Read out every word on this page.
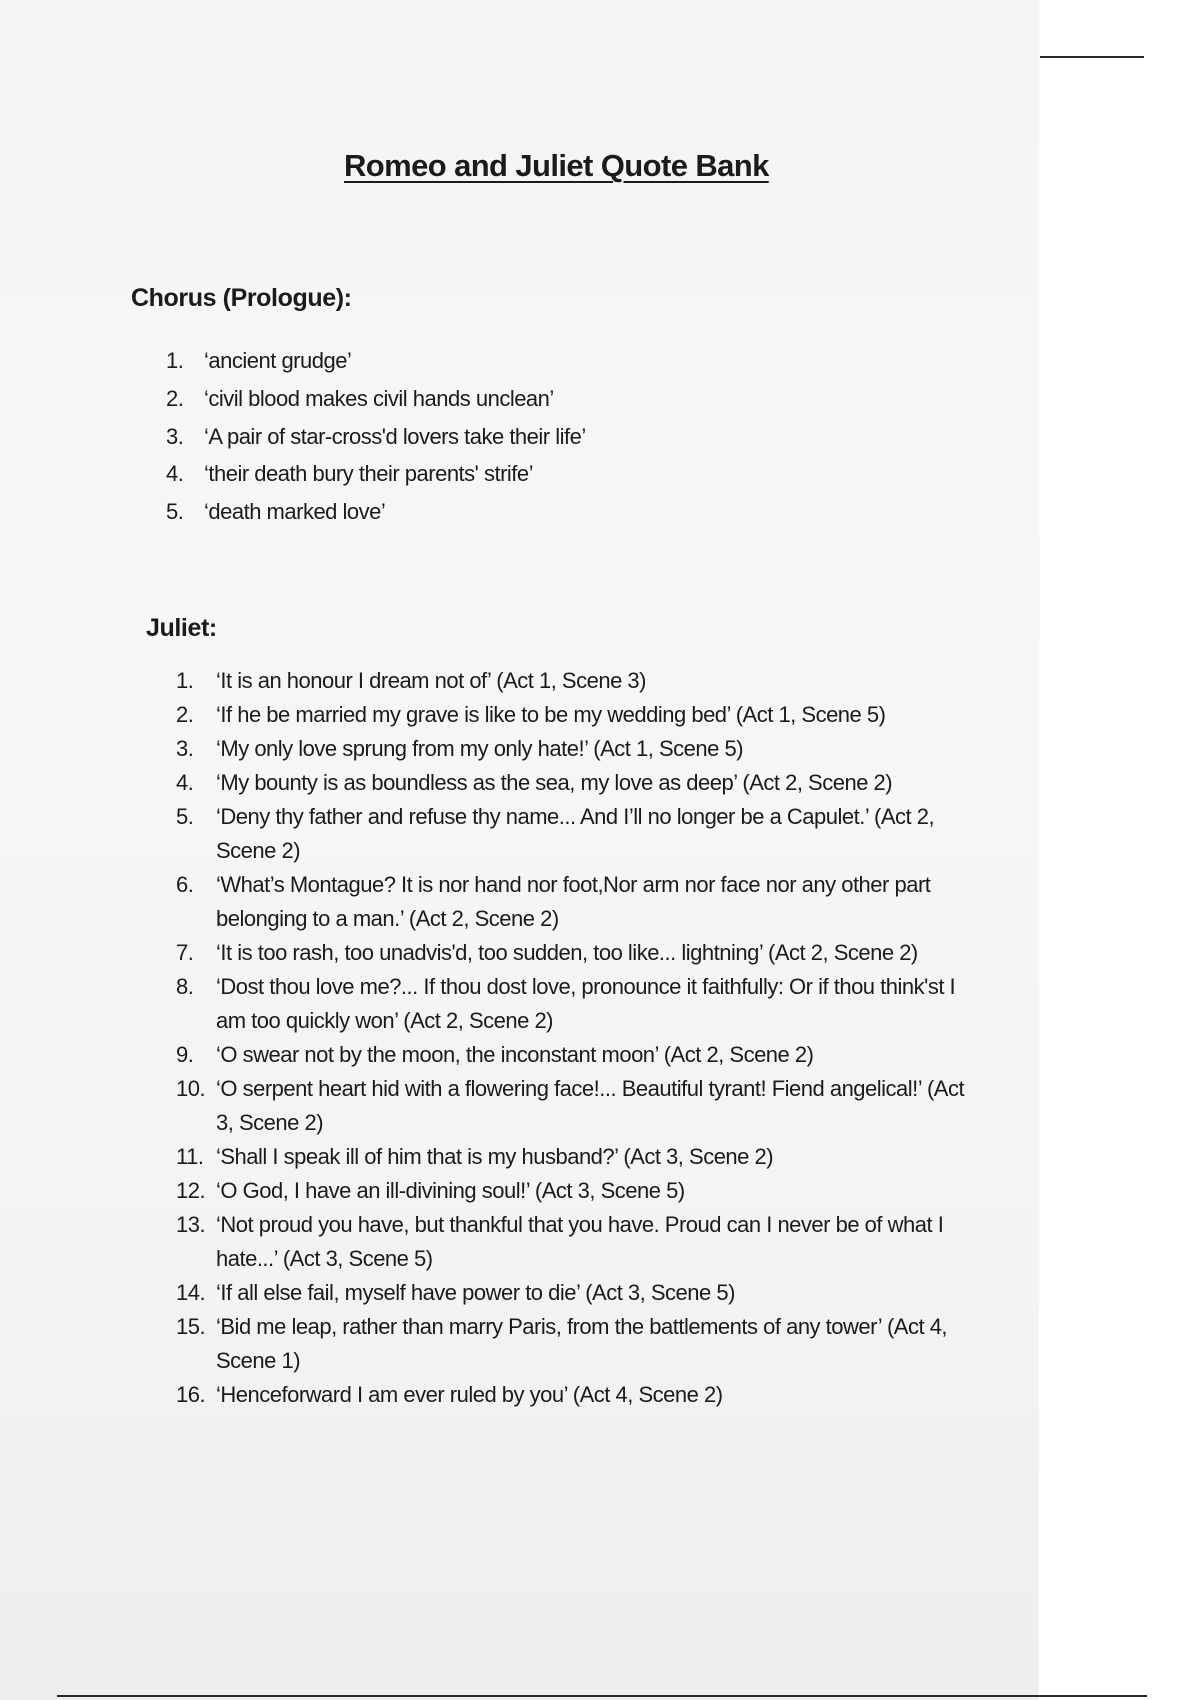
Romeo and Juliet Quote Bank
Chorus (Prologue):
1. ‘ancient grudge’
2. ‘civil blood makes civil hands unclean’
3. ‘A pair of star-cross'd lovers take their life’
4. ‘their death bury their parents' strife’
5. ‘death marked love’
Juliet:
1.	‘It is an honour I dream not of’ (Act 1, Scene 3)
2.	‘If he be married my grave is like to be my wedding bed’ (Act 1, Scene 5)
3.	‘My only love sprung from my only hate!’ (Act 1, Scene 5)
4.	‘My bounty is as boundless as the sea, my love as deep’ (Act 2, Scene 2)
5.	‘Deny thy father and refuse thy name... And I’ll no longer be a Capulet.’ (Act 2, Scene 2)
6.	‘What’s Montague? It is nor hand nor foot,Nor arm nor face nor any other part belonging to a man.’ (Act 2, Scene 2)
7.	‘It is too rash, too unadvis'd, too sudden, too like... lightning’ (Act 2, Scene 2)
8.	‘Dost thou love me?... If thou dost love, pronounce it faithfully: Or if thou think'st I am too quickly won’ (Act 2, Scene 2)
9.	‘O swear not by the moon, the inconstant moon’ (Act 2, Scene 2)
10. ‘O serpent heart hid with a flowering face!... Beautiful tyrant! Fiend angelical!’ (Act 3, Scene 2)
11. ‘Shall I speak ill of him that is my husband?’ (Act 3, Scene 2)
12. ‘O God, I have an ill-divining soul!’ (Act 3, Scene 5)
13. ‘Not proud you have, but thankful that you have. Proud can I never be of what I hate...’ (Act 3, Scene 5)
14. ‘If all else fail, myself have power to die’ (Act 3, Scene 5)
15. ‘Bid me leap, rather than marry Paris, from the battlements of any tower’ (Act 4, Scene 1)
16. ‘Henceforward I am ever ruled by you’ (Act 4, Scene 2)
